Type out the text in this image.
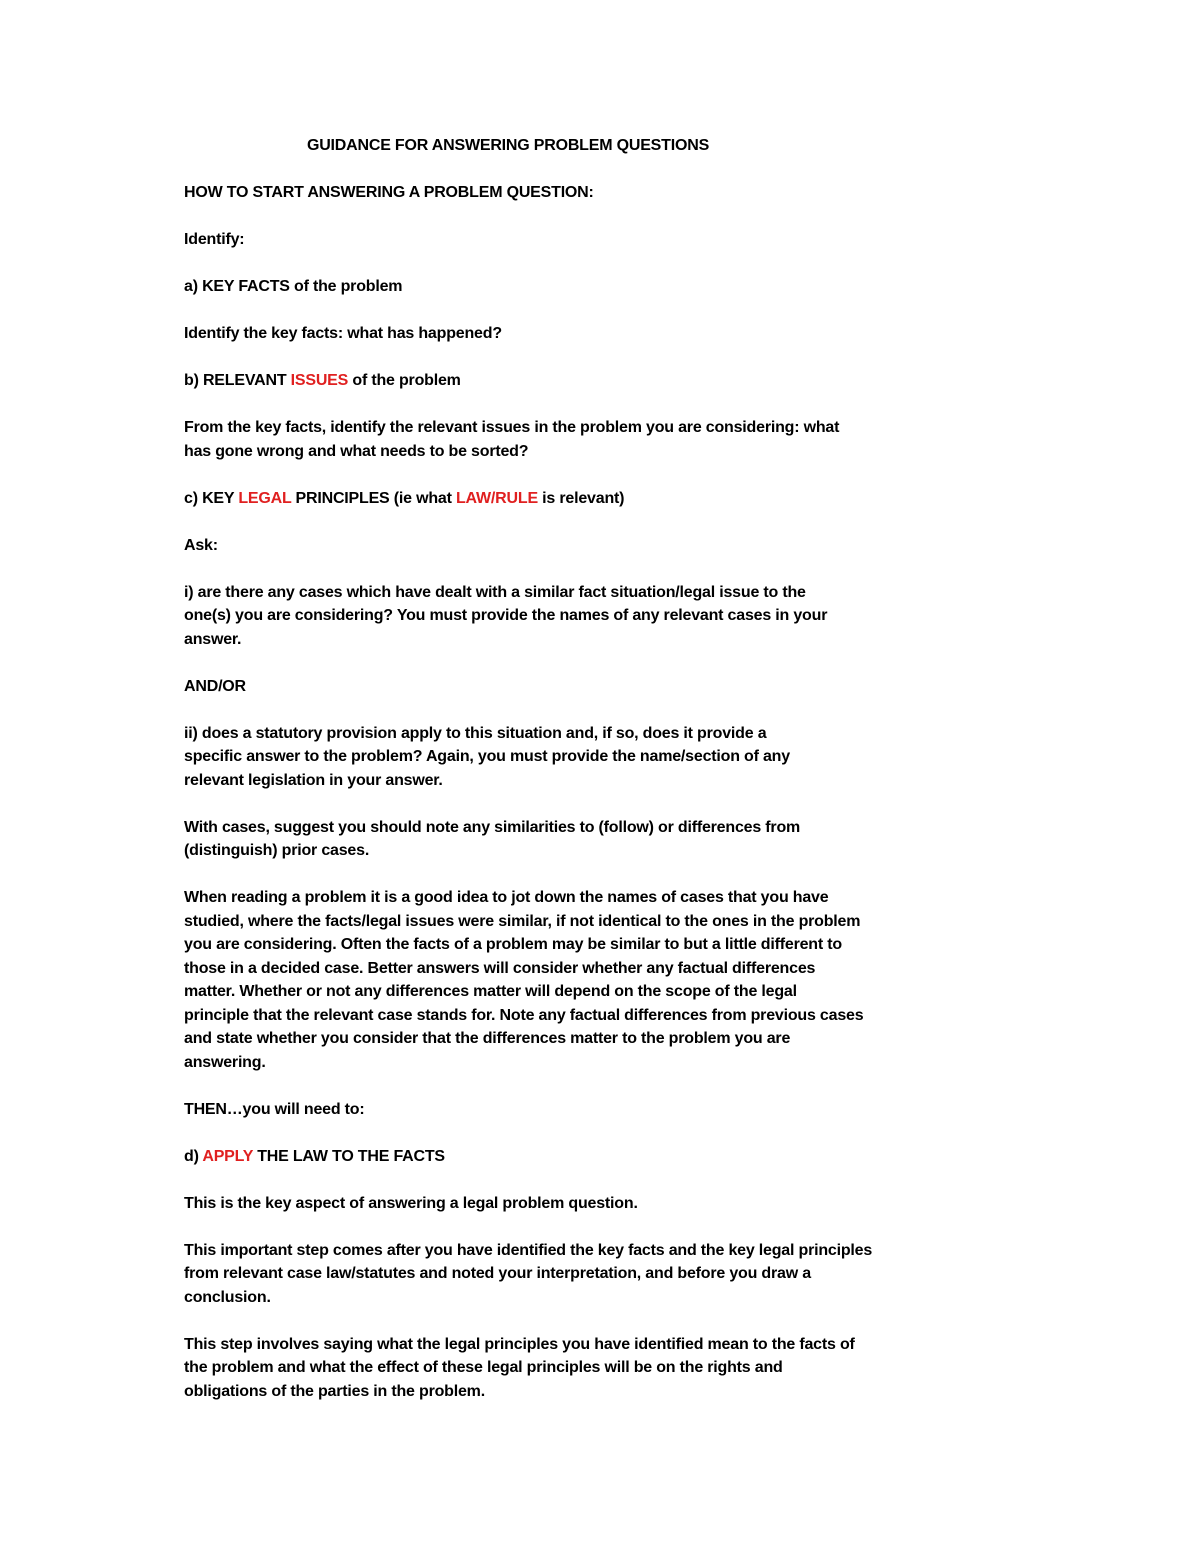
GUIDANCE FOR ANSWERING PROBLEM QUESTIONS

HOW TO START ANSWERING A PROBLEM QUESTION:

Identify:

a) KEY FACTS of the problem

Identify the key facts: what has happened?

b) RELEVANT ISSUES of the problem

From the key facts, identify the relevant issues in the problem you are considering: what
has gone wrong and what needs to be sorted?

c) KEY LEGAL PRINCIPLES (ie what LAW/RULE is relevant)

Ask:

i) are there any cases which have dealt with a similar fact situation/legal issue to the
one(s) you are considering? You must provide the names of any relevant cases in your
answer.

AND/OR

ii) does a statutory provision apply to this situation and, if so, does it provide a
specific answer to the problem? Again, you must provide the name/section of any
relevant legislation in your answer.

With cases, suggest you should note any similarities to (follow) or differences from
(distinguish) prior cases.

When reading a problem it is a good idea to jot down the names of cases that you have
studied, where the facts/legal issues were similar, if not identical to the ones in the problem
you are considering. Often the facts of a problem may be similar to but a little different to
those in a decided case. Better answers will consider whether any factual differences
matter. Whether or not any differences matter will depend on the scope of the legal
principle that the relevant case stands for. Note any factual differences from previous cases
and state whether you consider that the differences matter to the problem you are
answering.

THEN…you will need to:

d) APPLY THE LAW TO THE FACTS

This is the key aspect of answering a legal problem question.

This important step comes after you have identified the key facts and the key legal principles
from relevant case law/statutes and noted your interpretation, and before you draw a
conclusion.

This step involves saying what the legal principles you have identified mean to the facts of
the problem and what the effect of these legal principles will be on the rights and
obligations of the parties in the problem.
